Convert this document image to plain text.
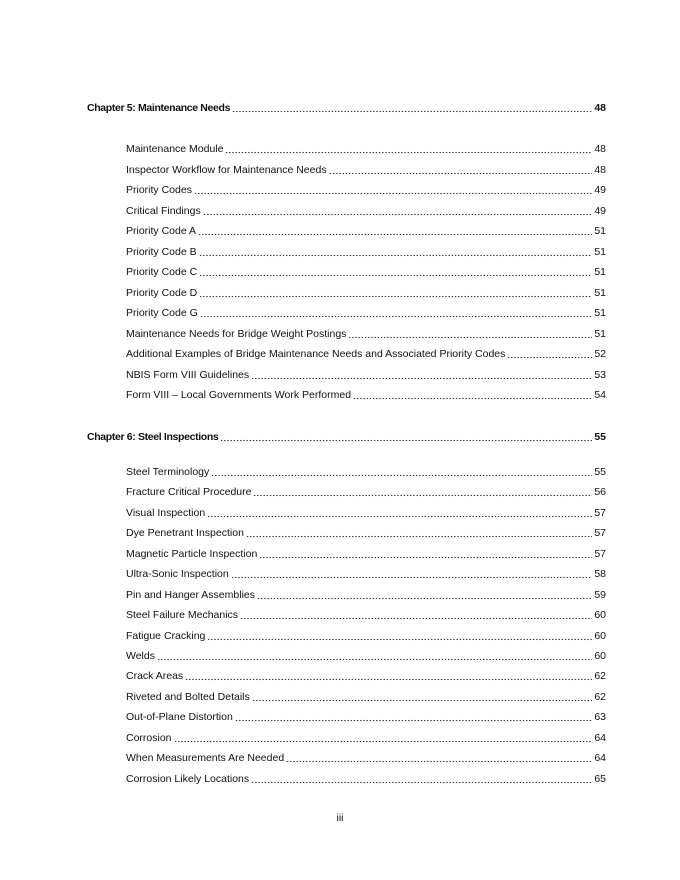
Chapter 5: Maintenance Needs	48
Maintenance Module	48
Inspector Workflow for Maintenance Needs	48
Priority Codes	49
Critical Findings	49
Priority Code A	51
Priority Code B	51
Priority Code C	51
Priority Code D	51
Priority Code G	51
Maintenance Needs for Bridge Weight Postings	51
Additional Examples of Bridge Maintenance Needs and Associated Priority Codes	52
NBIS Form VIII Guidelines	53
Form VIII – Local Governments Work Performed	54
Chapter 6: Steel Inspections	55
Steel Terminology	55
Fracture Critical Procedure	56
Visual Inspection	57
Dye Penetrant Inspection	57
Magnetic Particle Inspection	57
Ultra-Sonic Inspection	58
Pin and Hanger Assemblies	59
Steel Failure Mechanics	60
Fatigue Cracking	60
Welds	60
Crack Areas	62
Riveted and Bolted Details	62
Out-of-Plane Distortion	63
Corrosion	64
When Measurements Are Needed	64
Corrosion Likely Locations	65
iii
